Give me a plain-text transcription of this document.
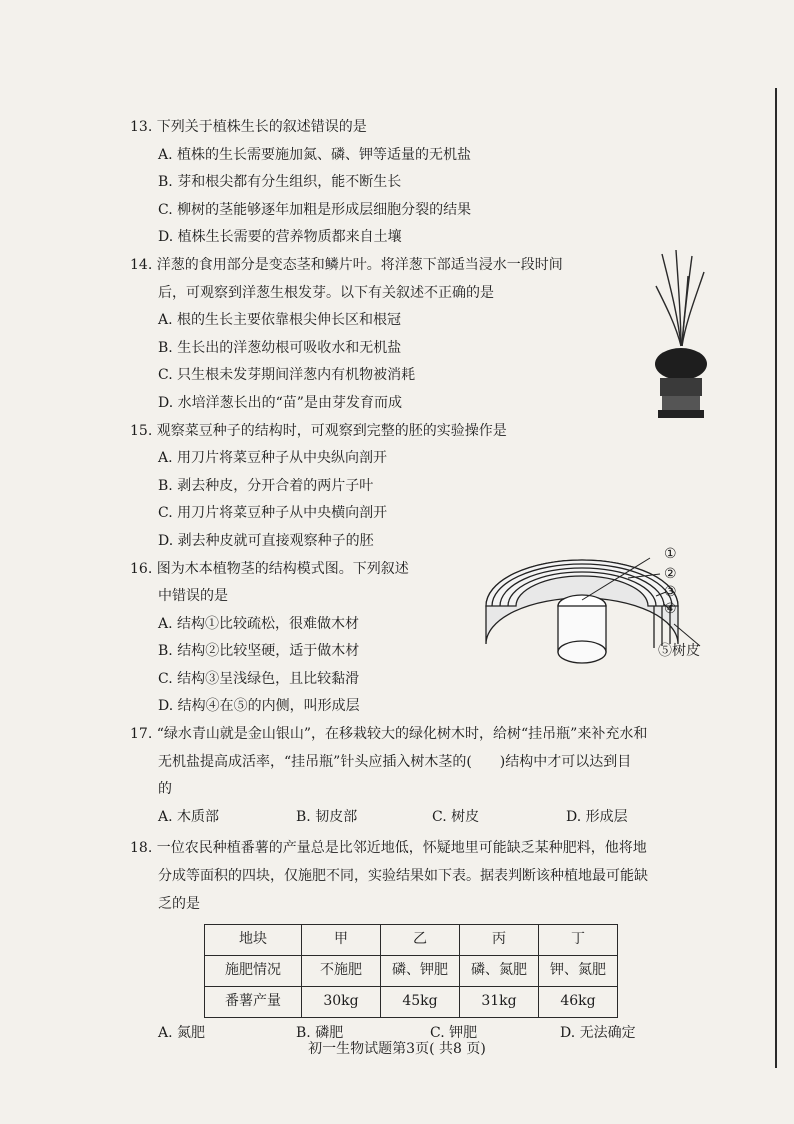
①
②
③
④
⑤树皮
13. 下列关于植株生长的叙述错误的是
A. 植株的生长需要施加氮、磷、钾等适量的无机盐
B. 芽和根尖都有分生组织，能不断生长
C. 柳树的茎能够逐年加粗是形成层细胞分裂的结果
D. 植株生长需要的营养物质都来自土壤
14. 洋葱的食用部分是变态茎和鳞片叶。将洋葱下部适当浸水一段时间
后，可观察到洋葱生根发芽。以下有关叙述不正确的是
A. 根的生长主要依靠根尖伸长区和根冠
B. 生长出的洋葱幼根可吸收水和无机盐
C. 只生根未发芽期间洋葱内有机物被消耗
D. 水培洋葱长出的“苗”是由芽发育而成
15. 观察菜豆种子的结构时，可观察到完整的胚的实验操作是
A. 用刀片将菜豆种子从中央纵向剖开
B. 剥去种皮，分开合着的两片子叶
C. 用刀片将菜豆种子从中央横向剖开
D. 剥去种皮就可直接观察种子的胚
16. 图为木本植物茎的结构模式图。下列叙述
中错误的是
A. 结构①比较疏松，很难做木材
B. 结构②比较坚硬，适于做木材
C. 结构③呈浅绿色，且比较黏滑
D. 结构④在⑤的内侧，叫形成层
17. “绿水青山就是金山银山”，在移栽较大的绿化树木时，给树“挂吊瓶”来补充水和
无机盐提高成活率，“挂吊瓶”针头应插入树木茎的(　　)结构中才可以达到目
的
A. 木质部	B. 韧皮部	C. 树皮	D. 形成层
18. 一位农民种植番薯的产量总是比邻近地低，怀疑地里可能缺乏某种肥料，他将地
分成等面积的四块，仅施肥不同，实验结果如下表。据表判断该种植地最可能缺
乏的是
地块	甲	乙	丙	丁
施肥情况	不施肥	磷、钾肥	磷、氮肥	钾、氮肥
番薯产量	30kg	45kg	31kg	46kg
A. 氮肥	B. 磷肥	C. 钾肥	D. 无法确定
初一生物试题第3页( 共8 页)
